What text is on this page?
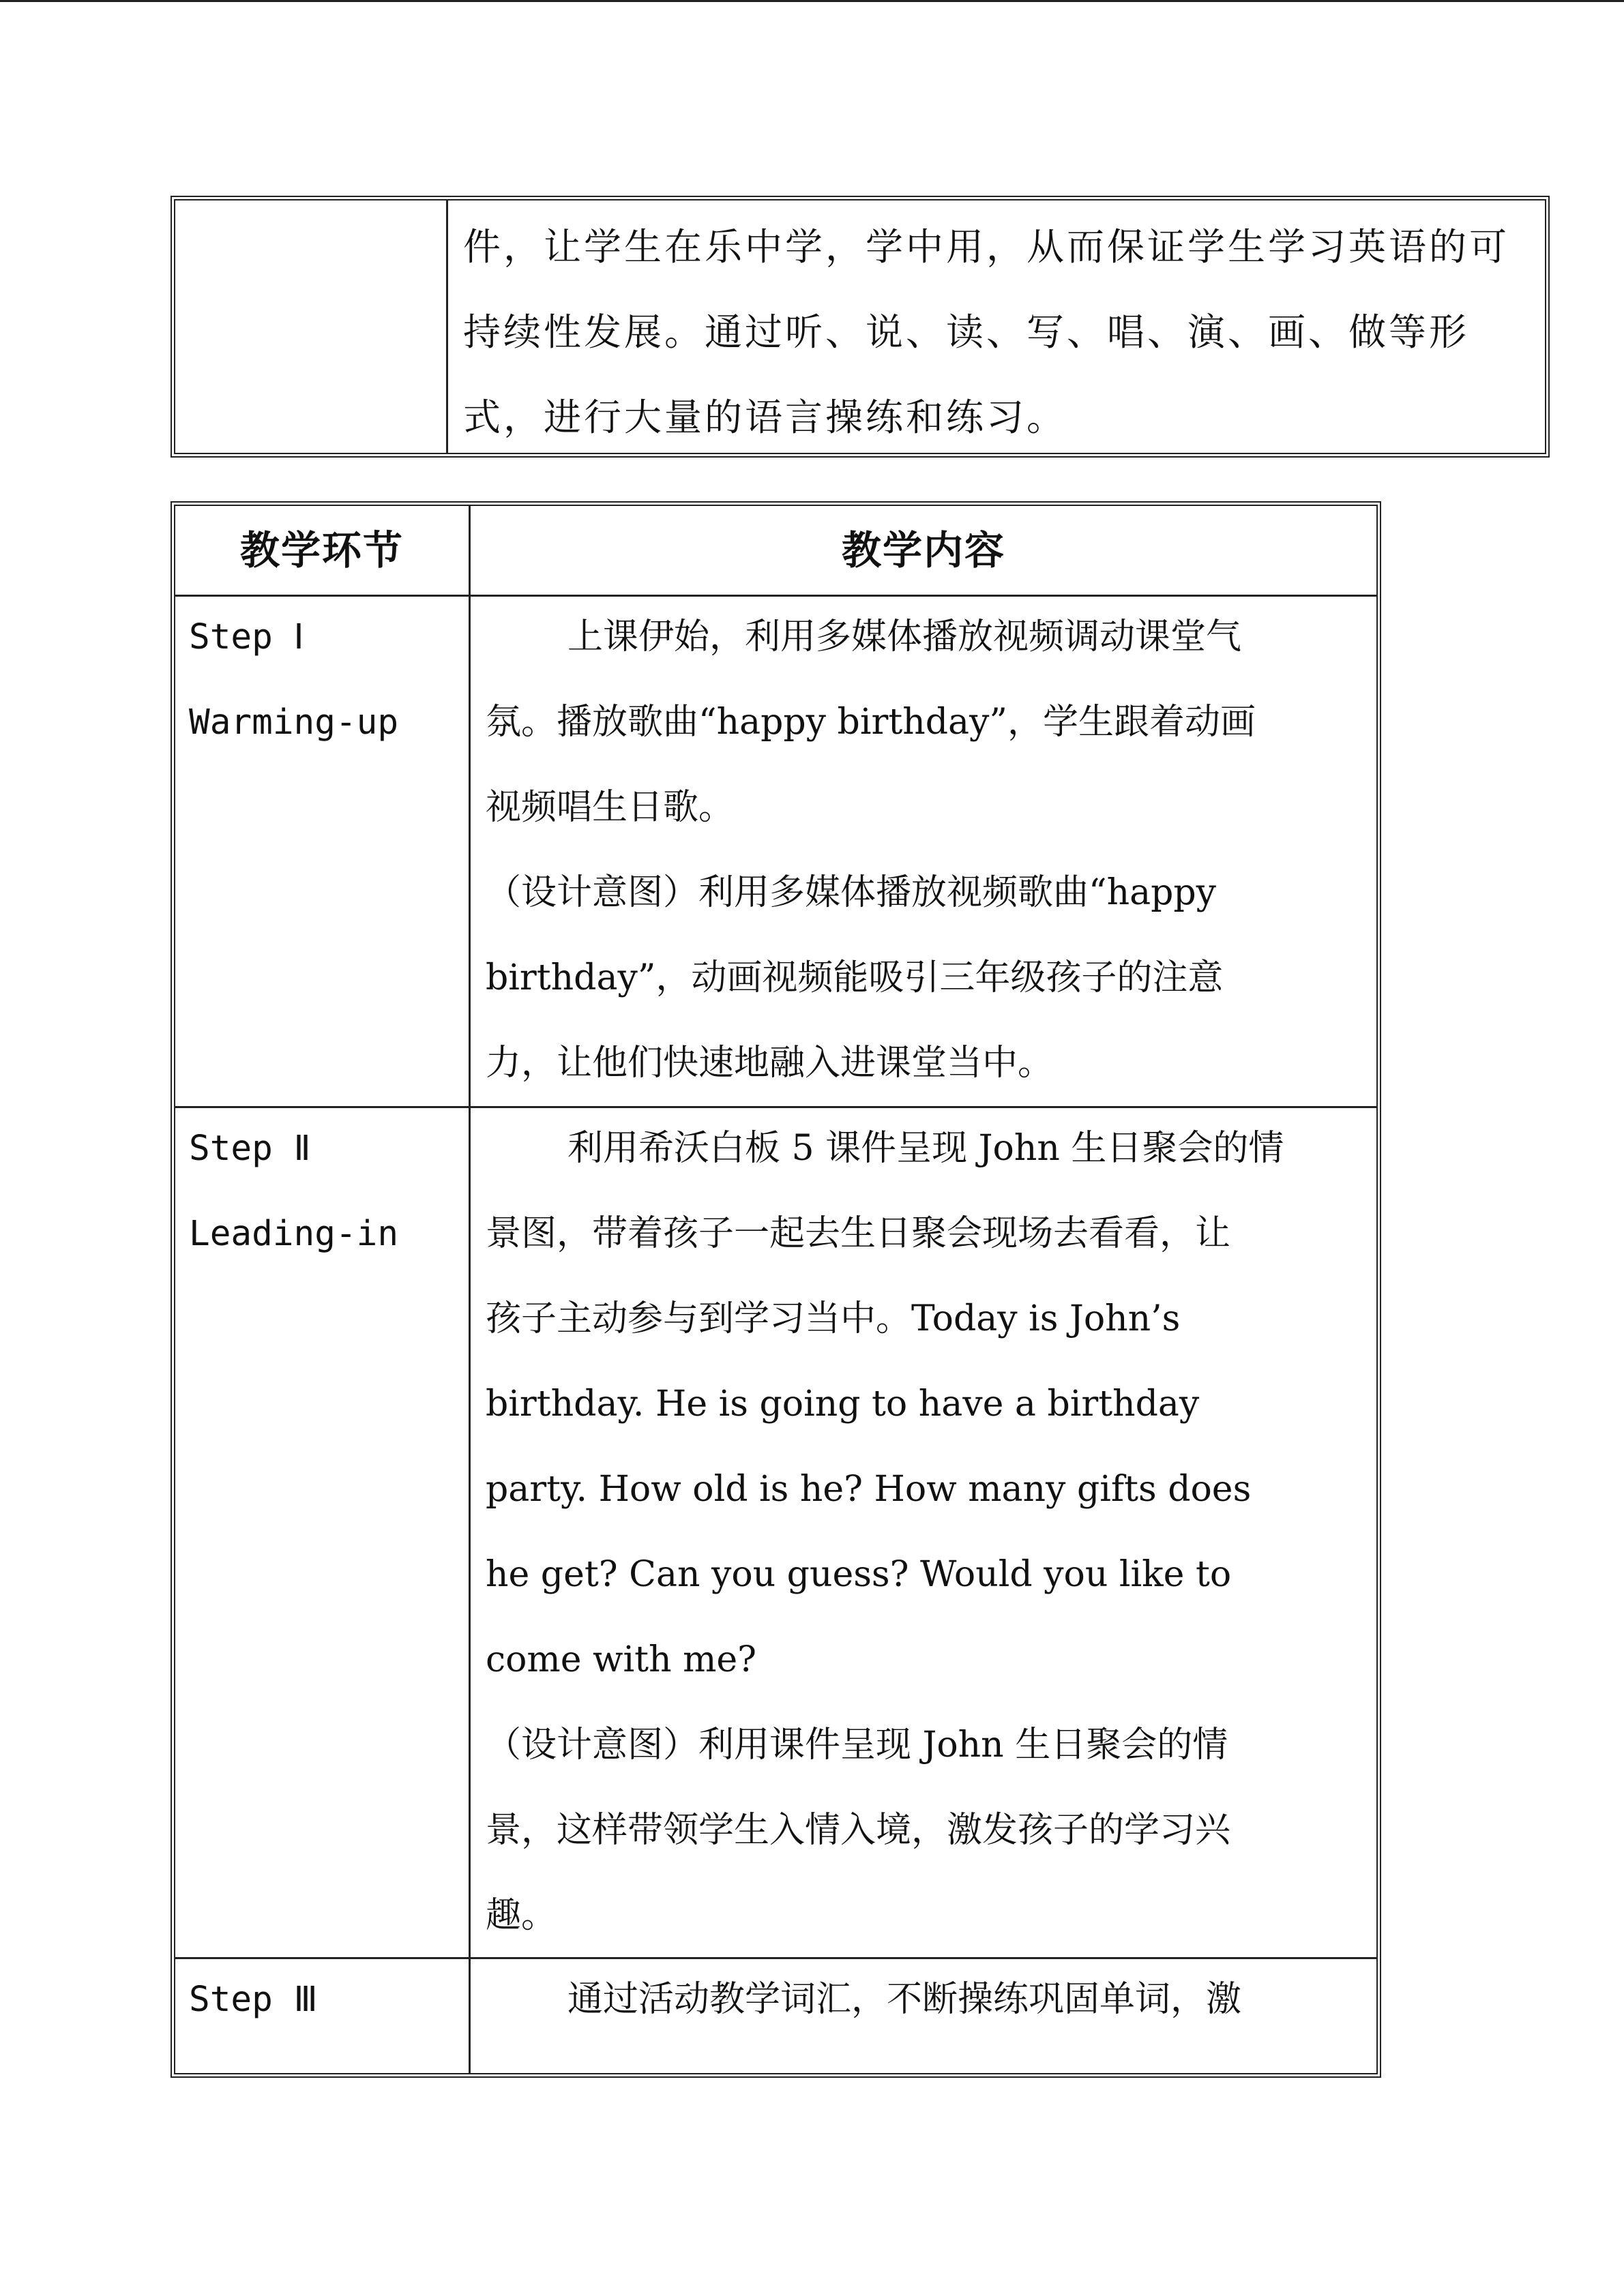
件，让学生在乐中学，学中用，从而保证学生学习英语的可
持续性发展。通过听、说、读、写、唱、演、画、做等形
式，进行大量的语言操练和练习。
教学环节	教学内容
Step Ⅰ
Warming-up
上课伊始，利用多媒体播放视频调动课堂气
氛。播放歌曲“happy birthday”，学生跟着动画
视频唱生日歌。
（设计意图）利用多媒体播放视频歌曲“happy
birthday”，动画视频能吸引三年级孩子的注意
力，让他们快速地融入进课堂当中。
Step Ⅱ
Leading-in
利用希沃白板 5 课件呈现 John 生日聚会的情
景图，带着孩子一起去生日聚会现场去看看，让
孩子主动参与到学习当中。Today is John’s
birthday. He is going to have a birthday
party. How old is he? How many gifts does
he get? Can you guess? Would you like to
come with me?
（设计意图）利用课件呈现 John 生日聚会的情
景，这样带领学生入情入境，激发孩子的学习兴
趣。
Step Ⅲ	通过活动教学词汇，不断操练巩固单词，激
